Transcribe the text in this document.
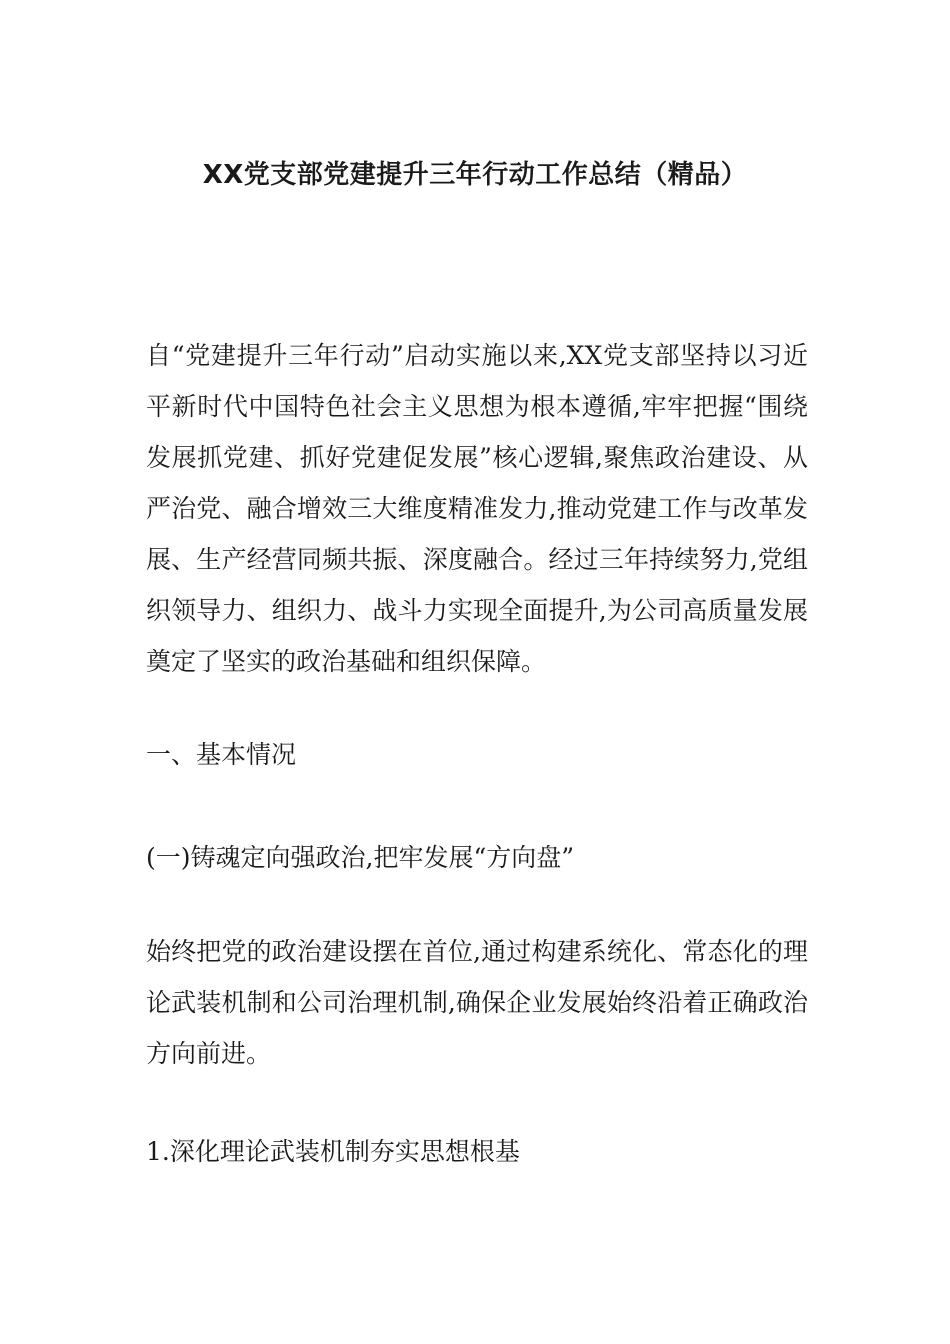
XX党支部党建提升三年行动工作总结（精品）

自“党建提升三年行动”启动实施以来,XX党支部坚持以习近平新时代中国特色社会主义思想为根本遵循,牢牢把握“围绕发展抓党建、抓好党建促发展”核心逻辑,聚焦政治建设、从严治党、融合增效三大维度精准发力,推动党建工作与改革发展、生产经营同频共振、深度融合。经过三年持续努力,党组织领导力、组织力、战斗力实现全面提升,为公司高质量发展奠定了坚实的政治基础和组织保障。

一、基本情况

(一)铸魂定向强政治,把牢发展“方向盘”

始终把党的政治建设摆在首位,通过构建系统化、常态化的理论武装机制和公司治理机制,确保企业发展始终沿着正确政治方向前进。

1.深化理论武装机制夯实思想根基
